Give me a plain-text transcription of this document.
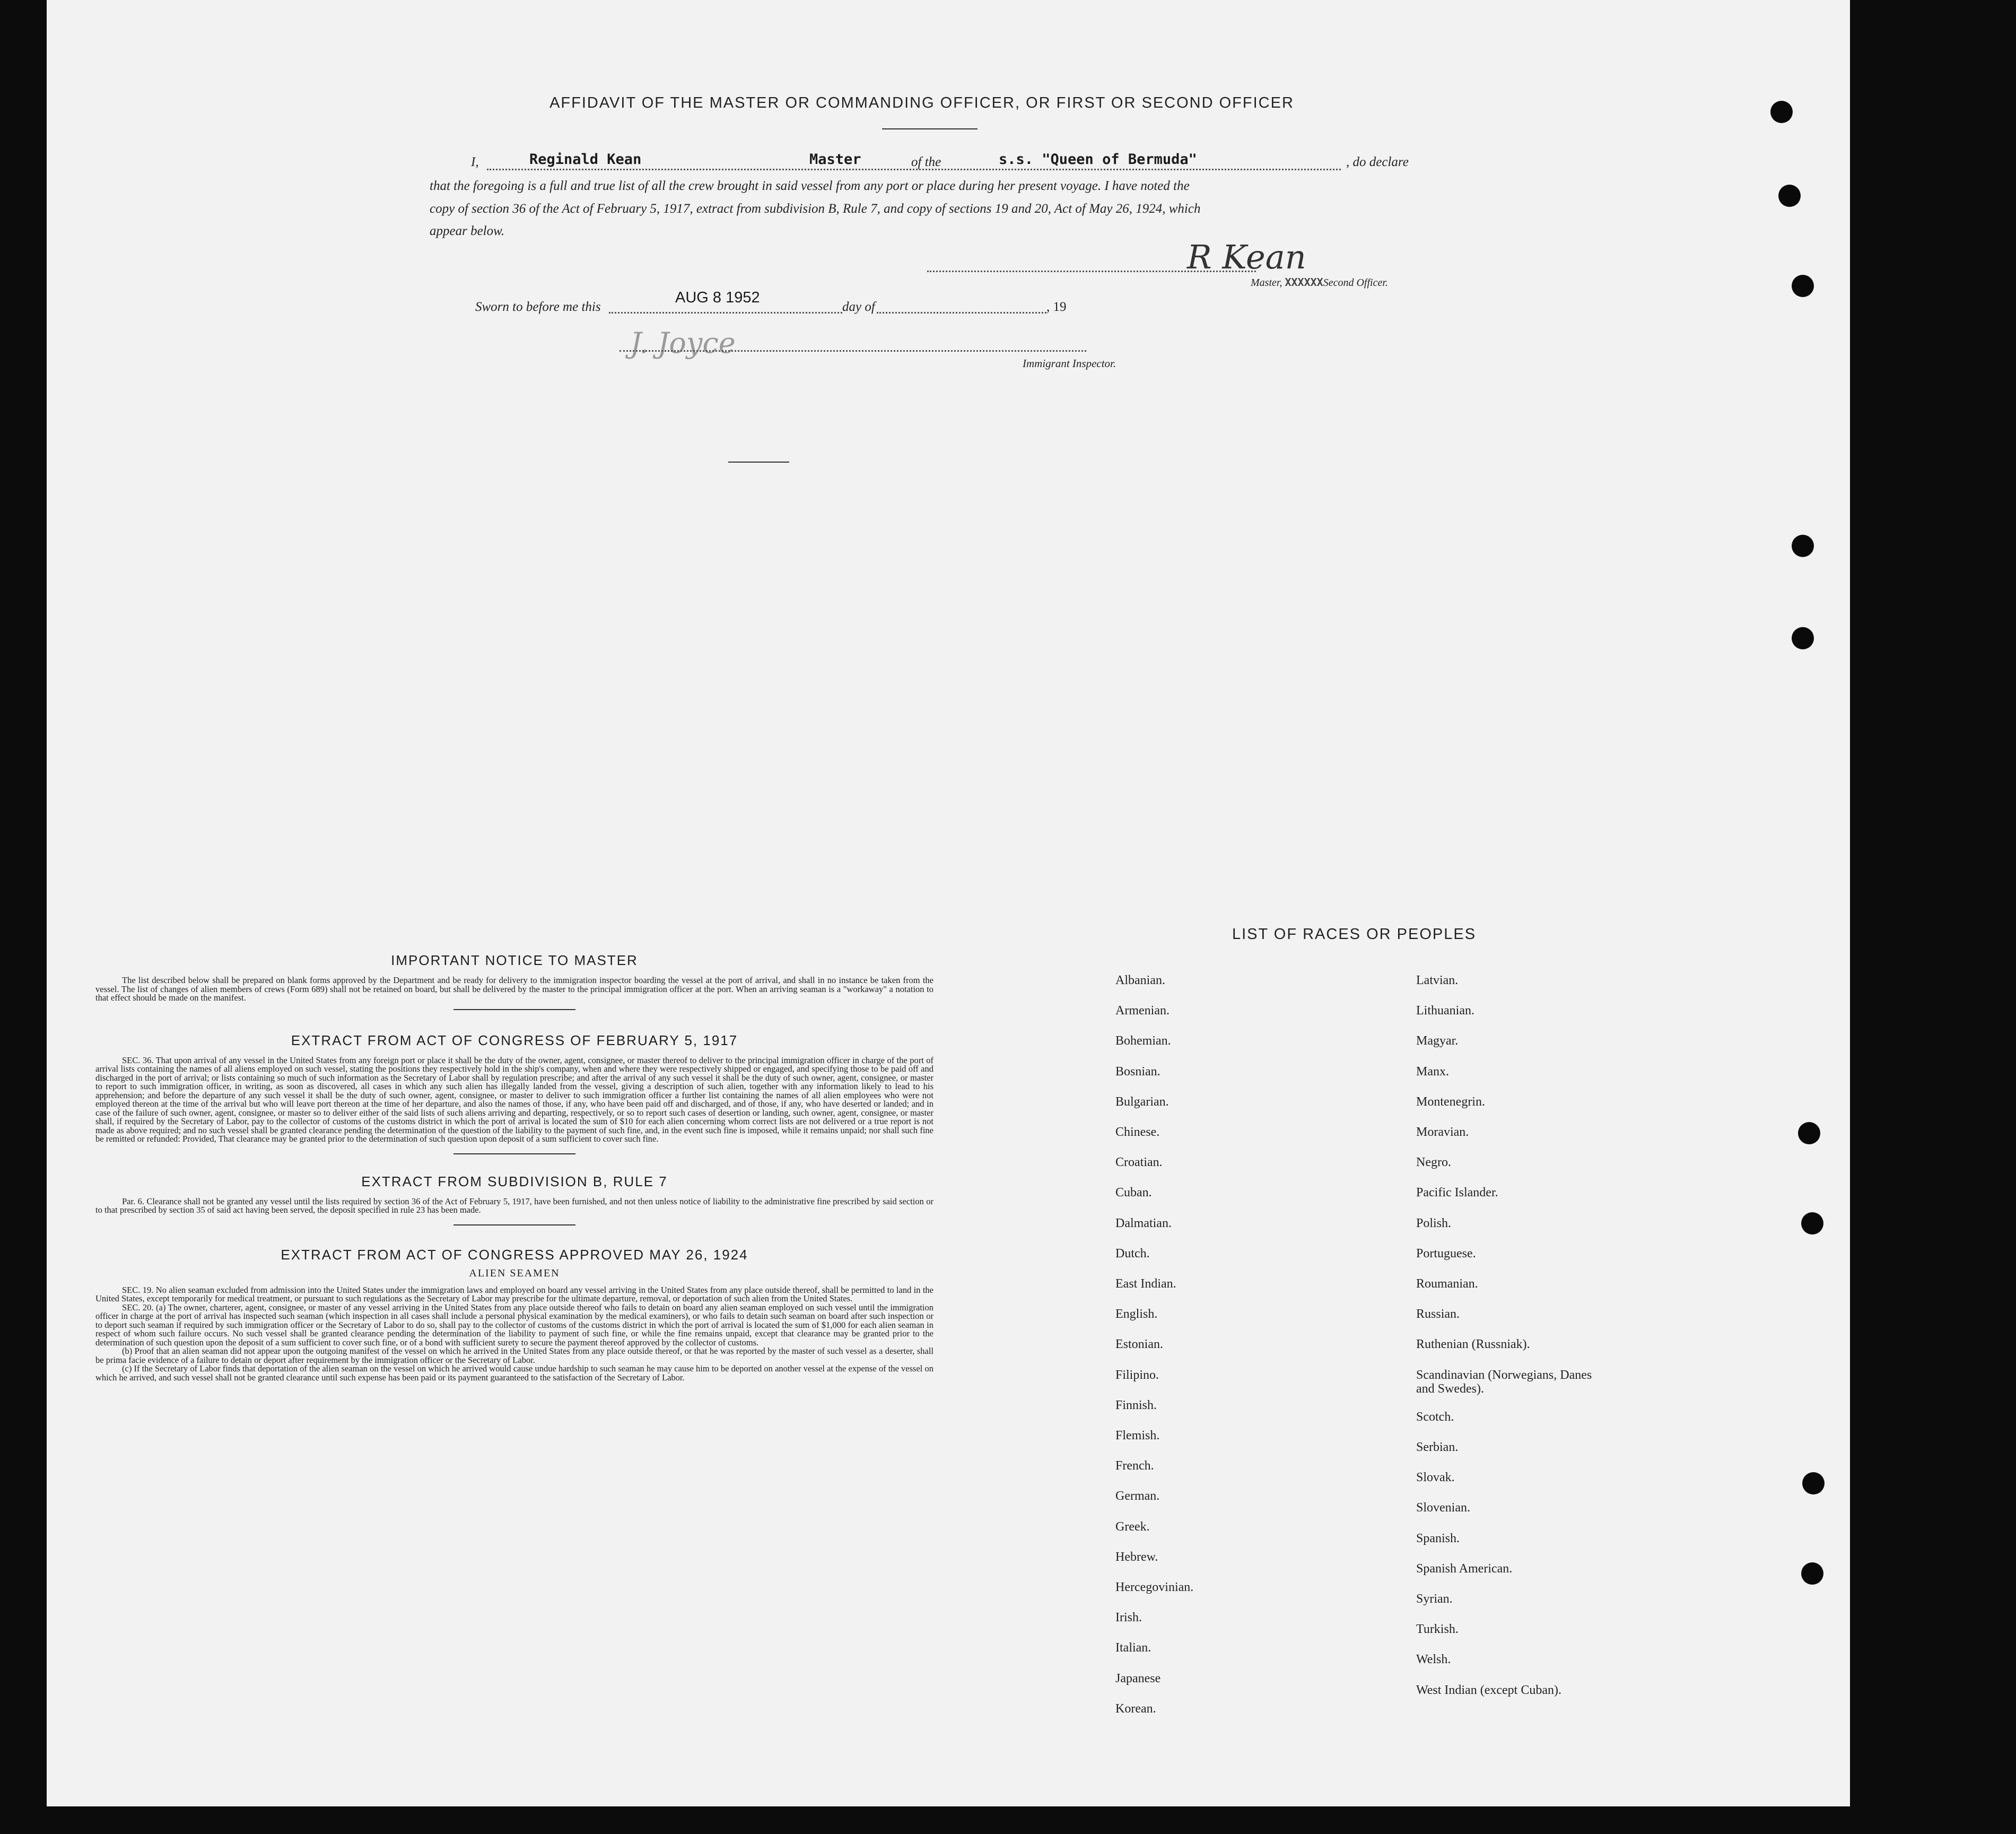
AFFIDAVIT OF THE MASTER OR COMMANDING OFFICER, OR FIRST OR SECOND OFFICER
I,	Reginald Kean	Master	of the	s.s. "Queen of Bermuda"	, do declare
that the foregoing is a full and true list of all the crew brought in said vessel from any port or place during her present voyage. I have noted the
copy of section 36 of the Act of February 5, 1917, extract from subdivision B, Rule 7, and copy of sections 19 and 20, Act of May 26, 1924, which
appear below.
R Kean
Master, XXXXXXSecond Officer.
Sworn to before me this
AUG 8 1952
day of	, 19
J. Joyce
Immigrant Inspector.
IMPORTANT NOTICE TO MASTER

The list described below shall be prepared on blank forms approved by the Department and be ready for delivery to the immigration inspector boarding the vessel at the port of arrival, and shall in no instance be taken from the vessel. The list of changes of alien members of crews (Form 689) shall not be retained on board, but shall be delivered by the master to the principal immigration officer at the port. When an arriving seaman is a "workaway" a notation to that effect should be made on the manifest.

EXTRACT FROM ACT OF CONGRESS OF FEBRUARY 5, 1917

SEC. 36. That upon arrival of any vessel in the United States from any foreign port or place it shall be the duty of the owner, agent, consignee, or master thereof to deliver to the principal immigration officer in charge of the port of arrival lists containing the names of all aliens employed on such vessel, stating the positions they respectively hold in the ship's company, when and where they were respectively shipped or engaged, and specifying those to be paid off and discharged in the port of arrival; or lists containing so much of such information as the Secretary of Labor shall by regulation prescribe; and after the arrival of any such vessel it shall be the duty of such owner, agent, consignee, or master to report to such immigration officer, in writing, as soon as discovered, all cases in which any such alien has illegally landed from the vessel, giving a description of such alien, together with any information likely to lead to his apprehension; and before the departure of any such vessel it shall be the duty of such owner, agent, consignee, or master to deliver to such immigration officer a further list containing the names of all alien employees who were not employed thereon at the time of the arrival but who will leave port thereon at the time of her departure, and also the names of those, if any, who have been paid off and discharged, and of those, if any, who have deserted or landed; and in case of the failure of such owner, agent, consignee, or master so to deliver either of the said lists of such aliens arriving and departing, respectively, or so to report such cases of desertion or landing, such owner, agent, consignee, or master shall, if required by the Secretary of Labor, pay to the collector of customs of the customs district in which the port of arrival is located the sum of $10 for each alien concerning whom correct lists are not delivered or a true report is not made as above required; and no such vessel shall be granted clearance pending the determination of the question of the liability to the payment of such fine, and, in the event such fine is imposed, while it remains unpaid; nor shall such fine be remitted or refunded: Provided, That clearance may be granted prior to the determination of such question upon deposit of a sum sufficient to cover such fine.

EXTRACT FROM SUBDIVISION B, RULE 7

Par. 6. Clearance shall not be granted any vessel until the lists required by section 36 of the Act of February 5, 1917, have been furnished, and not then unless notice of liability to the administrative fine prescribed by said section or to that prescribed by section 35 of said act having been served, the deposit specified in rule 23 has been made.

EXTRACT FROM ACT OF CONGRESS APPROVED MAY 26, 1924
ALIEN SEAMEN

SEC. 19. No alien seaman excluded from admission into the United States under the immigration laws and employed on board any vessel arriving in the United States from any place outside thereof, shall be permitted to land in the United States, except temporarily for medical treatment, or pursuant to such regulations as the Secretary of Labor may prescribe for the ultimate departure, removal, or deportation of such alien from the United States.

SEC. 20. (a) The owner, charterer, agent, consignee, or master of any vessel arriving in the United States from any place outside thereof who fails to detain on board any alien seaman employed on such vessel until the immigration officer in charge at the port of arrival has inspected such seaman (which inspection in all cases shall include a personal physical examination by the medical examiners), or who fails to detain such seaman on board after such inspection or to deport such seaman if required by such immigration officer or the Secretary of Labor to do so, shall pay to the collector of customs of the customs district in which the port of arrival is located the sum of $1,000 for each alien seaman in respect of whom such failure occurs. No such vessel shall be granted clearance pending the determination of the liability to payment of such fine, or while the fine remains unpaid, except that clearance may be granted prior to the determination of such question upon the deposit of a sum sufficient to cover such fine, or of a bond with sufficient surety to secure the payment thereof approved by the collector of customs.

(b) Proof that an alien seaman did not appear upon the outgoing manifest of the vessel on which he arrived in the United States from any place outside thereof, or that he was reported by the master of such vessel as a deserter, shall be prima facie evidence of a failure to detain or deport after requirement by the immigration officer or the Secretary of Labor.

(c) If the Secretary of Labor finds that deportation of the alien seaman on the vessel on which he arrived would cause undue hardship to such seaman he may cause him to be deported on another vessel at the expense of the vessel on which he arrived, and such vessel shall not be granted clearance until such expense has been paid or its payment guaranteed to the satisfaction of the Secretary of Labor.

LIST OF RACES OR PEOPLES
Albanian.
Armenian.
Bohemian.
Bosnian.
Bulgarian.
Chinese.
Croatian.
Cuban.
Dalmatian.
Dutch.
East Indian.
English.
Estonian.
Filipino.
Finnish.
Flemish.
French.
German.
Greek.
Hebrew.
Hercegovinian.
Irish.
Italian.
Japanese
Korean.
Latvian.
Lithuanian.
Magyar.
Manx.
Montenegrin.
Moravian.
Negro.
Pacific Islander.
Polish.
Portuguese.
Roumanian.
Russian.
Ruthenian (Russniak).
Scandinavian (Norwegians, Danes and Swedes).
Scotch.
Serbian.
Slovak.
Slovenian.
Spanish.
Spanish American.
Syrian.
Turkish.
Welsh.
West Indian (except Cuban).
